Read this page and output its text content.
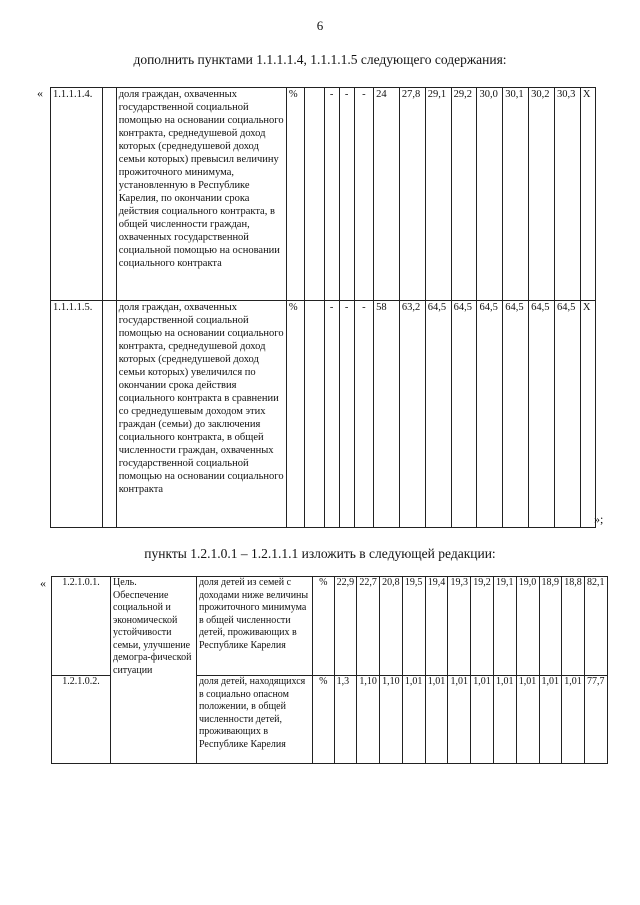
6
дополнить пунктами 1.1.1.1.4, 1.1.1.1.5 следующего содержания:
« 1.1.1.1.4.		доля граждан, охваченных государственной социальной помощью на основании социального контракта, среднедушевой доход которых (среднедушевой доход семьи которых) превысил величину прожиточного минимума, установленную в Республике Карелия, по окончании срока действия социального контракта, в общей численности граждан, охваченных государственной социальной помощью на основании социального контракта	%		-	-	-	24	27,8	29,1	29,2	30,0	30,1	30,2	30,3	X
1.1.1.1.5.		доля граждан, охваченных государственной социальной помощью на основании социального контракта, среднедушевой доход которых (среднедушевой доход семьи которых) увеличился по окончании срока действия социального контракта в сравнении со среднедушевым доходом этих граждан (семьи) до заключения социального контракта, в общей численности граждан, охваченных государственной социальной помощью на основании социального контракта	%		-	-	-	58	63,2	64,5	64,5	64,5	64,5	64,5	64,5	X
»;
пункты 1.2.1.0.1 – 1.2.1.1.1 изложить в следующей редакции:
« 1.2.1.0.1.	Цель. Обеспечение социальной и экономической устойчивости семьи, улучшение демогра-фической ситуации	доля детей из семей с доходами ниже величины прожиточного минимума в общей численности детей, проживающих в Республике Карелия	%	22,9	22,7	20,8	19,5	19,4	19,3	19,2	19,1	19,0	18,9	18,8	82,1
1.2.1.0.2.		доля детей, находящихся в социально опасном положении, в общей численности детей, проживающих в Республике Карелия	%	1,3	1,10	1,10	1,01	1,01	1,01	1,01	1,01	1,01	1,01	1,01	77,7
